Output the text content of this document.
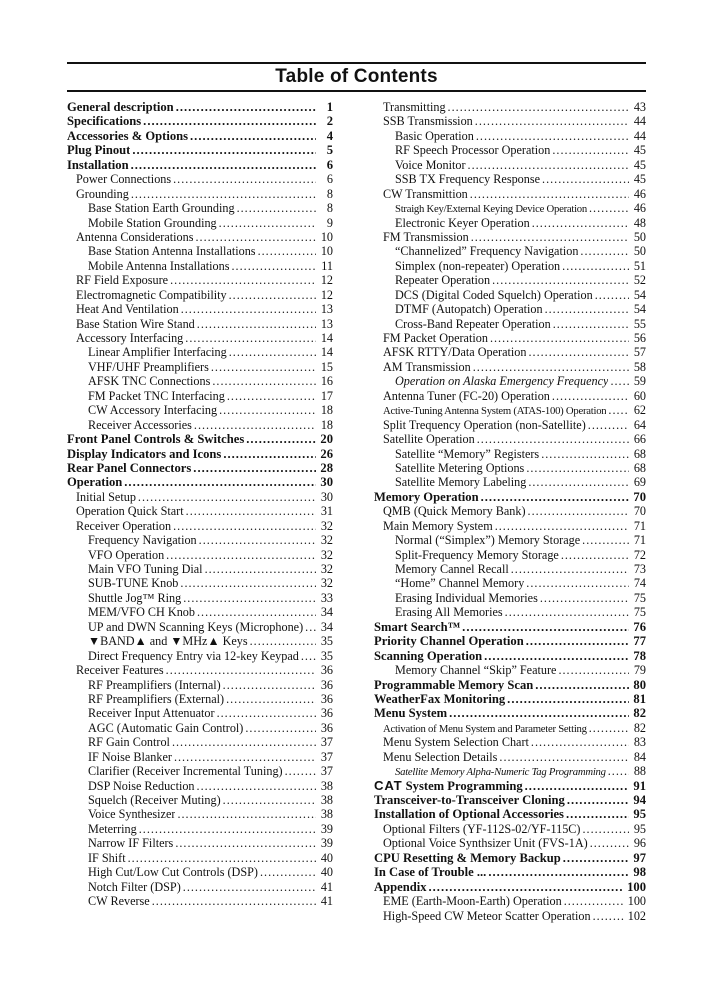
Table of Contents
General description .....	1
Specifications .....	2
Accessories & Options .....	4
Plug Pinout .....	5
Installation .....	6
Power Connections .....	6
Grounding .....	8
Base Station Earth Grounding .....	8
Mobile Station Grounding .....	9
Antenna Considerations .....	10
Base Station Antenna Installations .....	10
Mobile Antenna Installations .....	11
RF Field Exposure .....	12
Electromagnetic Compatibility .....	12
Heat And Ventilation .....	13
Base Station Wire Stand .....	13
Accessory Interfacing .....	14
Linear Amplifier Interfacing .....	14
VHF/UHF Preamplifiers .....	15
AFSK TNC Connections .....	16
FM Packet TNC Interfacing .....	17
CW Accessory Interfacing .....	18
Receiver Accessories .....	18
Front Panel Controls & Switches .....	20
Display Indicators and Icons .....	26
Rear Panel Connectors .....	28
Operation .....	30
Initial Setup .....	30
Operation Quick Start .....	31
Receiver Operation .....	32
Frequency Navigation .....	32
VFO Operation .....	32
Main VFO Tuning Dial .....	32
SUB-TUNE Knob .....	32
Shuttle Jog™ Ring .....	33
MEM/VFO CH Knob .....	34
UP and DWN Scanning Keys (Microphone) ..... 34
▼BAND▲ and ▼MHz▲ Keys .....	35
Direct Frequency Entry via 12-key Keypad ..... 35
Receiver Features .....	36
RF Preamplifiers (Internal) .....	36
RF Preamplifiers (External) .....	36
Receiver Input Attenuator .....	36
AGC (Automatic Gain Control) .....	36
RF Gain Control .....	37
IF Noise Blanker .....	37
Clarifier (Receiver Incremental Tuning) .....	37
DSP Noise Reduction .....	38
Squelch (Receiver Muting) .....	38
Voice Synthesizer .....	38
Meterring .....	39
Narrow IF Filters .....	39
IF Shift .....	40
High Cut/Low Cut Controls (DSP) .....	40
Notch Filter (DSP) .....	41
CW Reverse .....	41
Transmitting .....	43
SSB Transmission .....	44
Basic Operation .....	44
RF Speech Processor Operation .....	45
Voice Monitor .....	45
SSB TX Frequency Response .....	45
CW Transmittion .....	46
Straigh Key/External Keying Device Operation .....	46
Electronic Keyer Operation .....	48
FM Transmission .....	50
“Channelized” Frequency Navigation .....	50
Simplex (non-repeater) Operation .....	51
Repeater Operation .....	52
DCS (Digital Coded Squelch) Operation .....	54
DTMF (Autopatch) Operation .....	54
Cross-Band Repeater Operation .....	55
FM Packet Operation .....	56
AFSK RTTY/Data Operation .....	57
AM Transmission .....	58
Operation on Alaska Emergency Frequency ..... 59
Antenna Tuner (FC-20) Operation .....	60
Active-Tuning Antenna System (ATAS-100) Operation ..... 62
Split Trequency Operation (non-Satellite) .....	64
Satellite Operation .....	66
Satellite “Memory” Registers .....	68
Satellite Metering Options .....	68
Satellite Memory Labeling .....	69
Memory Operation .....	70
QMB (Quick Memory Bank) .....	70
Main Memory System .....	71
Normal (“Simplex”) Memory Storage .....	71
Split-Frequency Memory Storage .....	72
Memory Cannel Recall .....	73
“Home” Channel Memory .....	74
Erasing Individual Memories .....	75
Erasing All Memories .....	75
Smart Search™ .....	76
Priority Channel Operation .....	77
Scanning Operation .....	78
Memory Channel “Skip” Feature .....	79
Programmable Memory Scan .....	80
WeatherFax Monitoring .....	81
Menu System .....	82
Activation of Menu System and Parameter Setting .....	82
Menu System Selection Chart .....	83
Menu Selection Details .....	84
Satellite Memory Alpha-Numeric Tag Programming ..... 88
CAT System Programming .....	91
Transceiver-to-Transceiver Cloning .....	94
Installation of Optional Accessories .....	95
Optional Filters (YF-112S-02/YF-115C) .....	95
Optional Voice Synthsizer Unit (FVS-1A) .....	96
CPU Resetting & Memory Backup .....	97
In Case of Trouble ... .....	98
Appendix .....	100
EME (Earth-Moon-Earth) Operation .....	100
High-Speed CW Meteor Scatter Operation .....	102
